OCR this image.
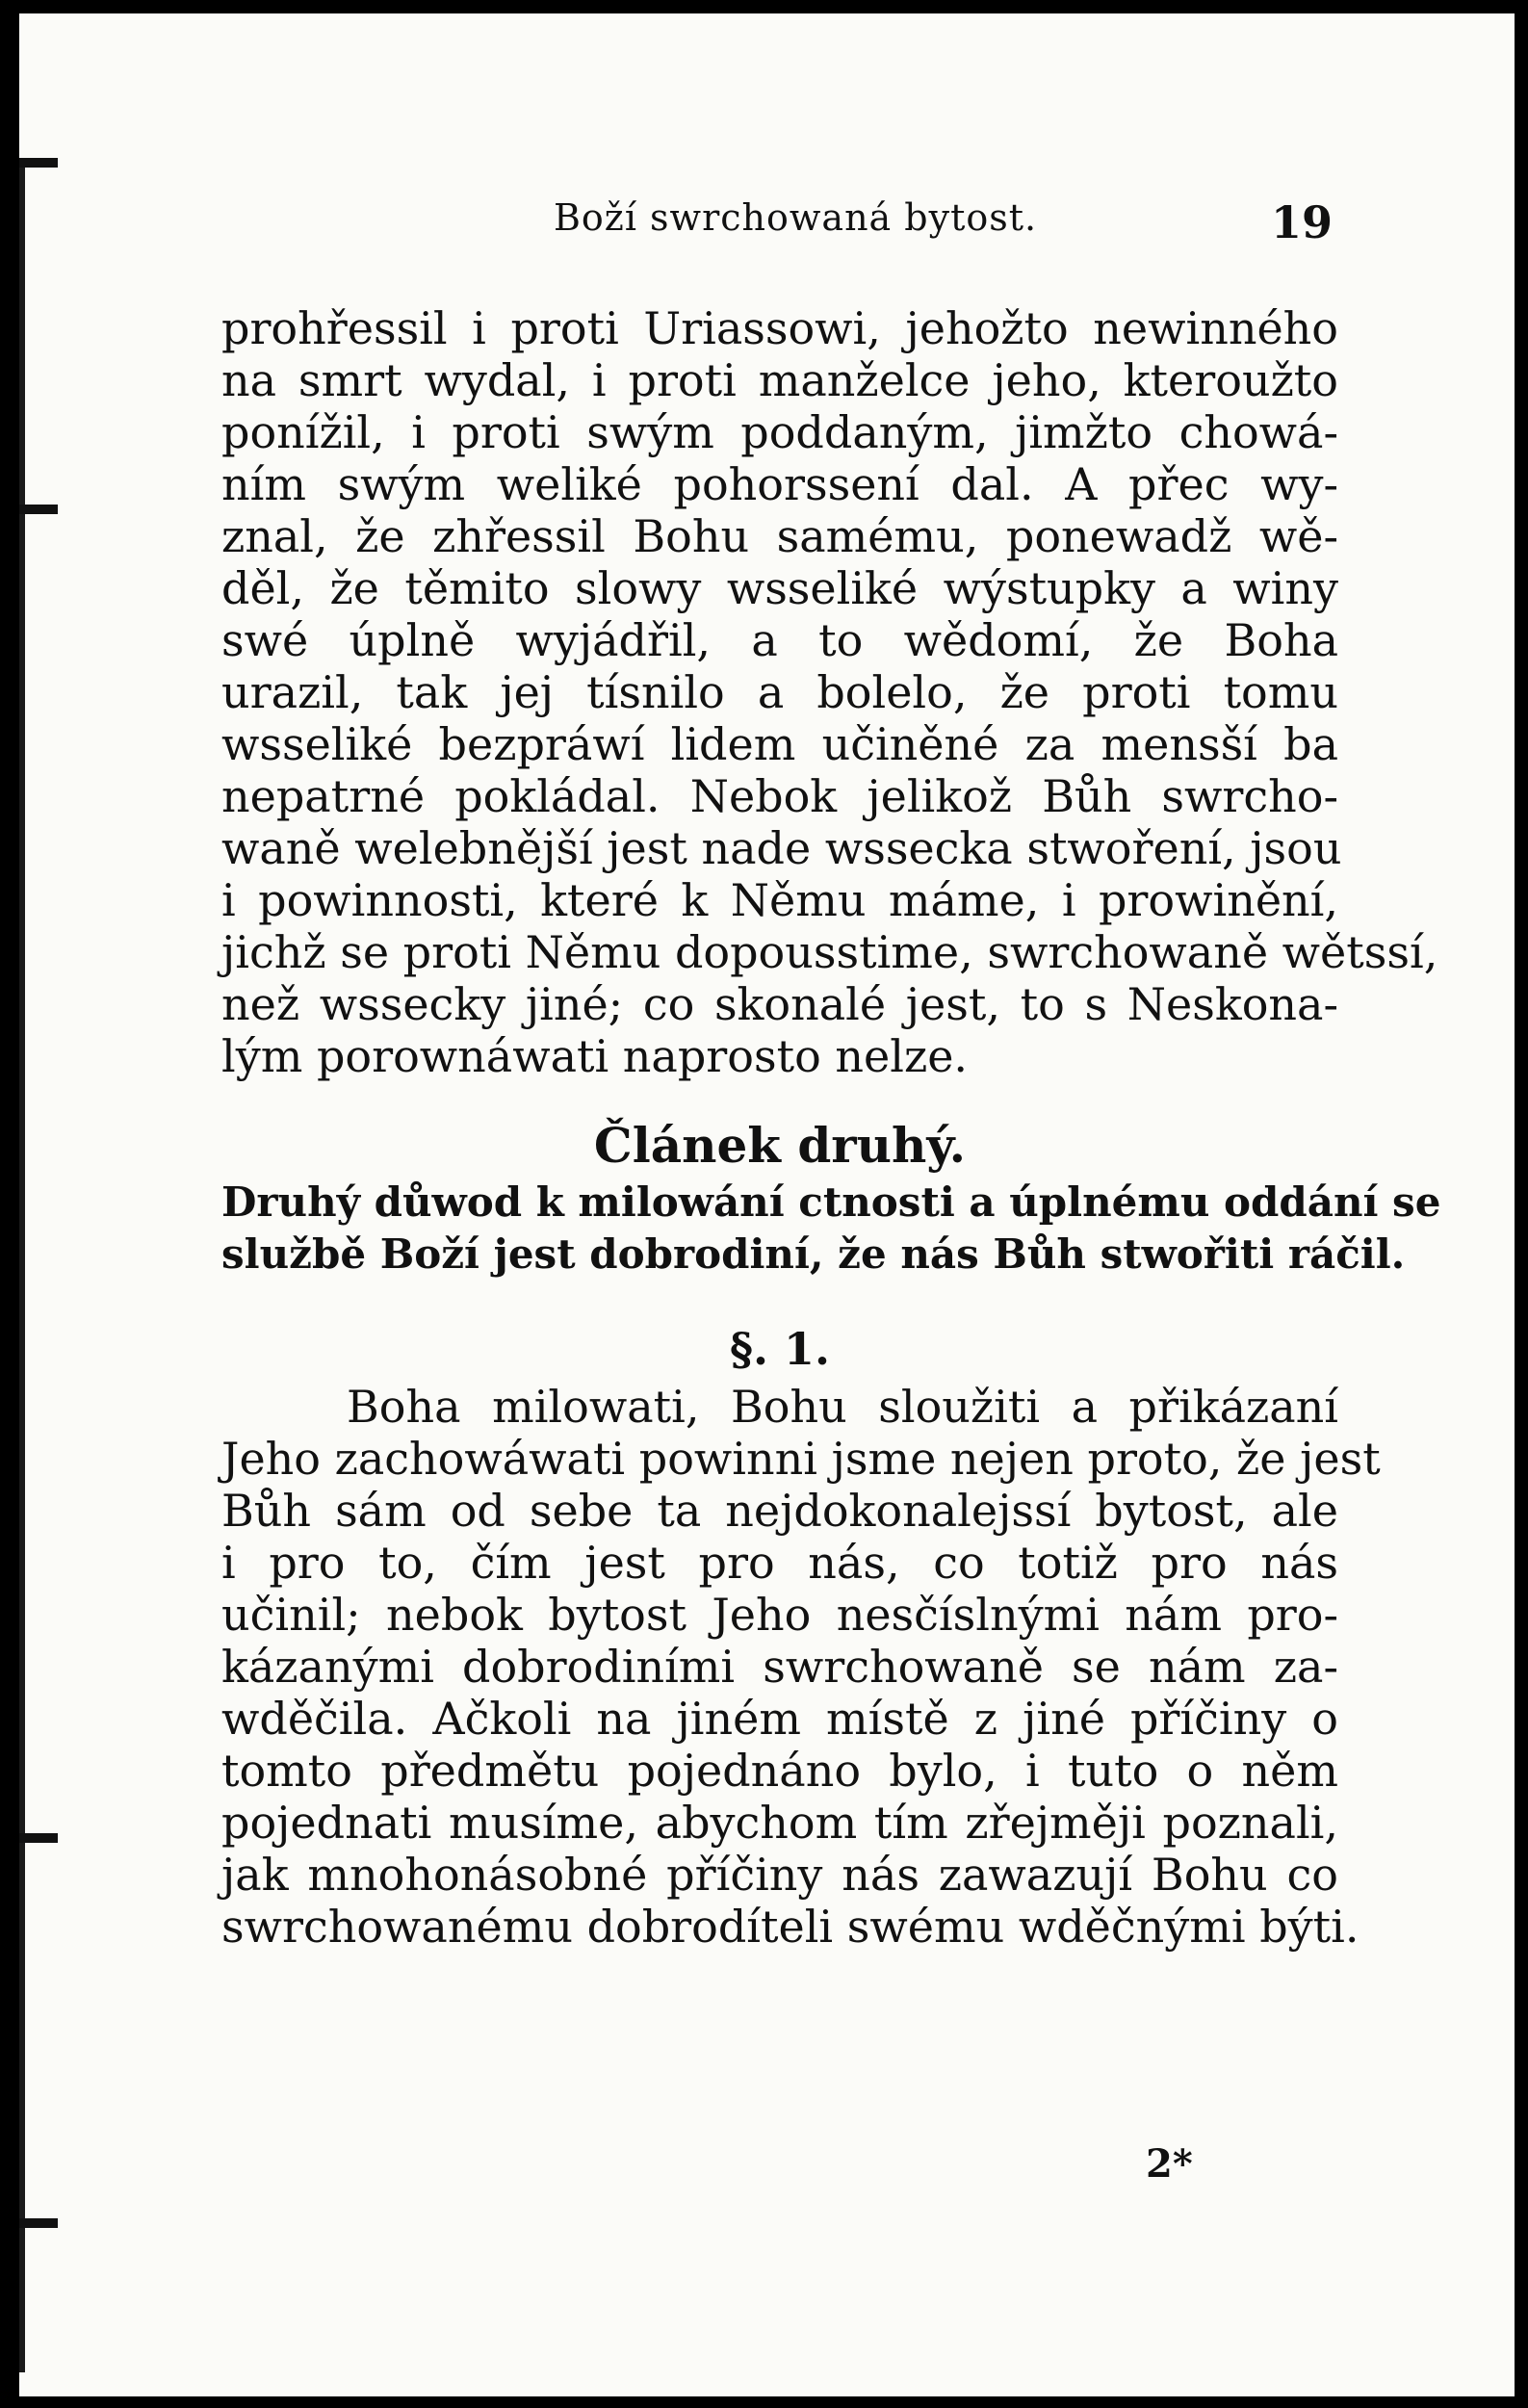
Boží swrchowaná bytost.	19
prohřessil i proti Uriassowi, jehožto newinného
na smrt wydal, i proti manželce jeho, kteroužto
ponížil, i proti swým poddaným, jimžto chowá-
ním swým weliké pohorssení dal. A přec wy-
znal, že zhřessil Bohu samému, ponewadž wě-
děl, že těmito slowy wsseliké wýstupky a winy
swé úplně wyjádřil, a to wědomí, že Boha
urazil, tak jej tísnilo a bolelo, že proti tomu
wsseliké bezpráwí lidem učiněné za mensší ba
nepatrné pokládal. Nebok jelikož Bůh swrcho-
waně welebnější jest nade wssecka stwoření, jsou
i powinnosti, které k Němu máme, i prowinění,
jichž se proti Němu dopousstime, swrchowaně wětssí,
než wssecky jiné; co skonalé jest, to s Neskona-
lým porownáwati naprosto nelze.
Článek druhý.
Druhý důwod k milowání ctnosti a úplnému oddání se
službě Boží jest dobrodiní, že nás Bůh stwořiti ráčil.
§. 1.
Boha milowati, Bohu sloužiti a přikázaní
Jeho zachowáwati powinni jsme nejen proto, že jest
Bůh sám od sebe ta nejdokonalejssí bytost, ale
i pro to, čím jest pro nás, co totiž pro nás
učinil; nebok bytost Jeho nesčíslnými nám pro-
kázanými dobrodiními swrchowaně se nám za-
wděčila. Ačkoli na jiném místě z jiné příčiny o
tomto předmětu pojednáno bylo, i tuto o něm
pojednati musíme, abychom tím zřejměji poznali,
jak mnohonásobné příčiny nás zawazují Bohu co
swrchowanému dobrodíteli swému wděčnými býti.
2*
